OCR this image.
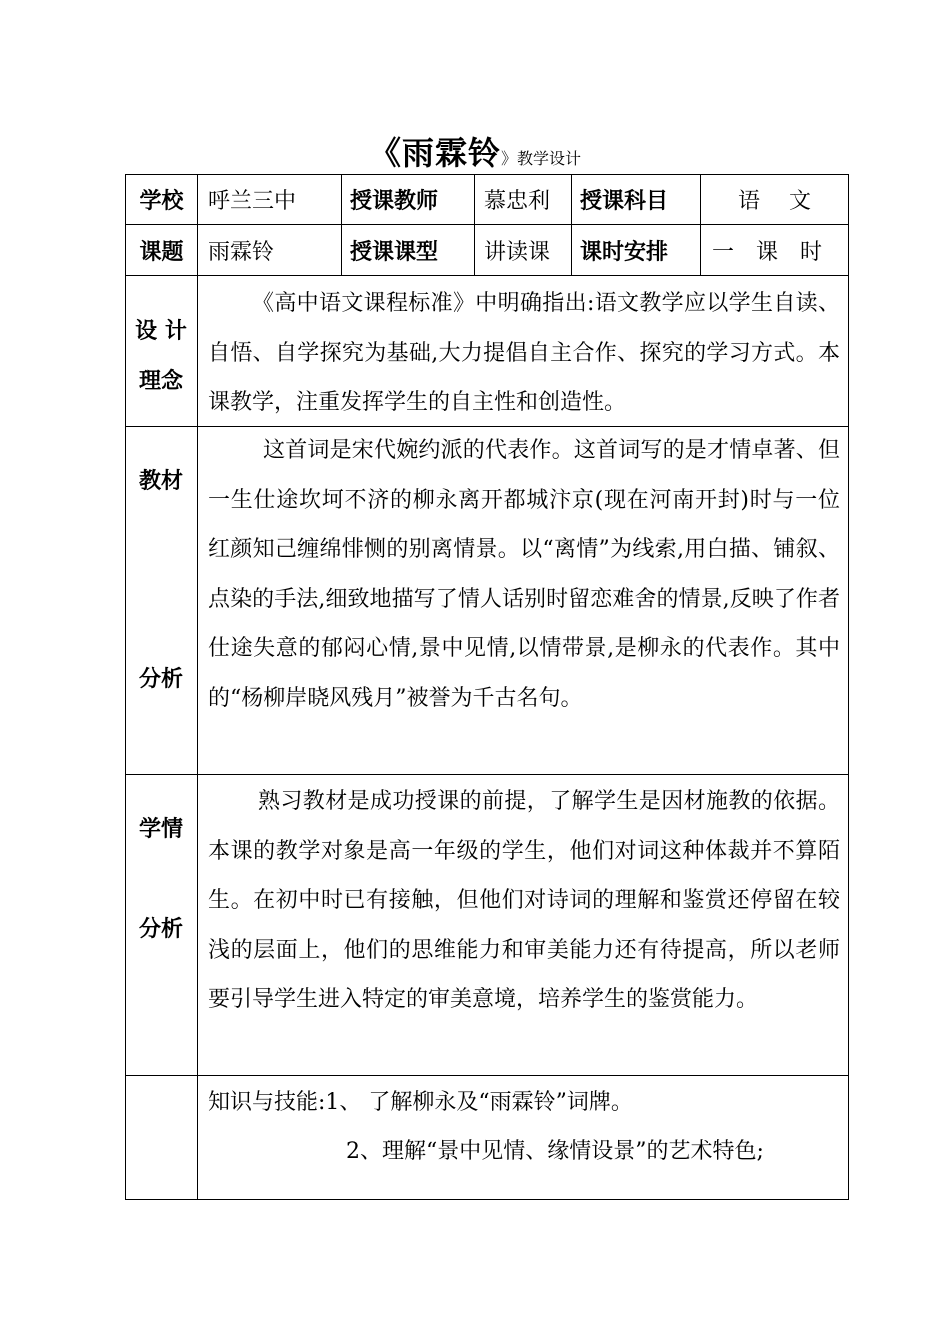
《雨霖铃》教学设计
学校	呼兰三中	授课教师	慕忠利	授课科目	语　 文
课题	雨霖铃	授课课型	讲读课	课时安排	一　课　时
设 计
理念
《高中语文课程标准》中明确指出:语文教学应以学生自读、自悟、自学探究为基础,大力提倡自主合作、探究的学习方式。本课教学，注重发挥学生的自主性和创造性。
教材
分析
这首词是宋代婉约派的代表作。这首词写的是才情卓著、但一生仕途坎坷不济的柳永离开都城汴京(现在河南开封)时与一位红颜知己缠绵悱恻的别离情景。以“离情”为线索,用白描、铺叙、点染的手法,细致地描写了情人话别时留恋难舍的情景,反映了作者仕途失意的郁闷心情,景中见情,以情带景,是柳永的代表作。其中的“杨柳岸晓风残月”被誉为千古名句。
学情
分析
熟习教材是成功授课的前提，了解学生是因材施教的依据。本课的教学对象是高一年级的学生，他们对词这种体裁并不算陌生。在初中时已有接触，但他们对诗词的理解和鉴赏还停留在较浅的层面上，他们的思维能力和审美能力还有待提高，所以老师要引导学生进入特定的审美意境，培养学生的鉴赏能力。
知识与技能:1、 了解柳永及“雨霖铃”词牌。
2、理解“景中见情、缘情设景”的艺术特色;
